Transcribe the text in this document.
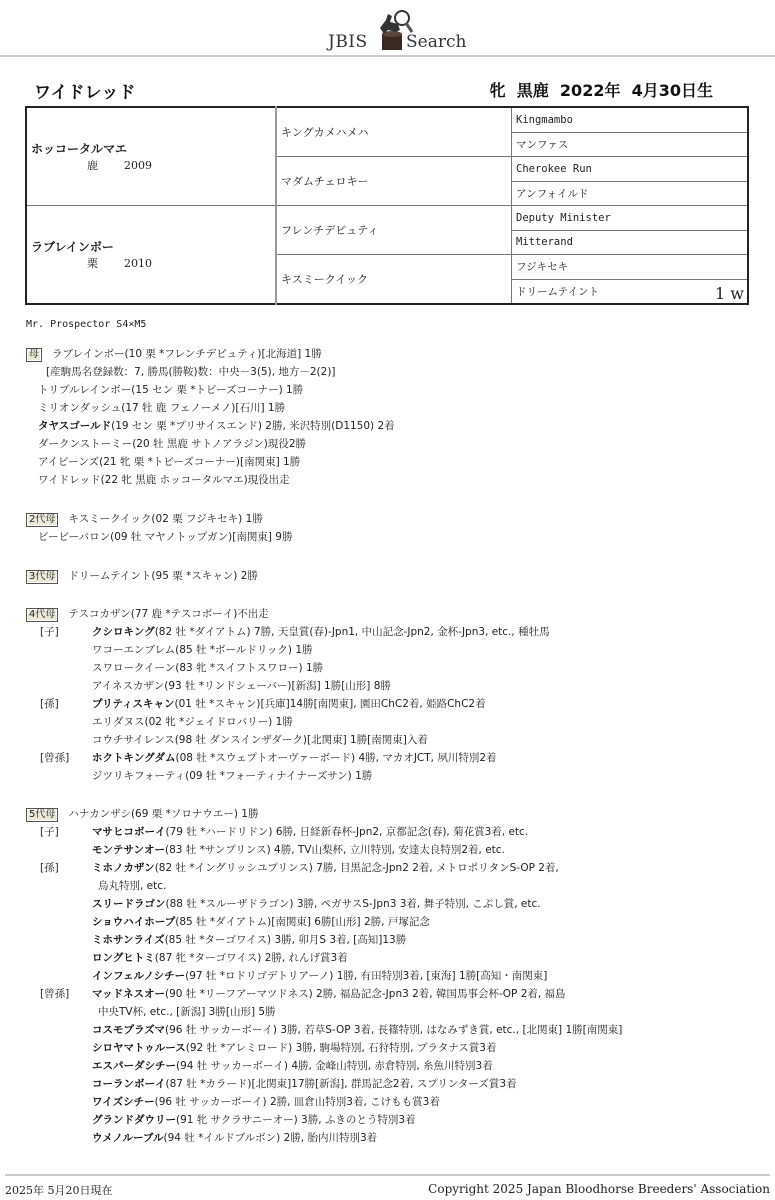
JBIS Search
ワイドレッド	牝  黒鹿  2022年  4月30日生
ホッコータルマエ
鹿 2009	キングカメハメハ	Kingmambo
		マンファス
	マダムチェロキー	Cherokee Run
		アンフォイルド

ラブレインボー
栗 2010	フレンチデピュティ	Deputy Minister
		Mitterand
	キスミークイック	フジキセキ
		ドリームテイント 1 w
Mr. Prospector S4×M5
母 ラブレインボー(10 栗 *フレンチデピュティ)[北海道] 1勝
[産駒馬名登録数：7, 勝馬(勝鞍)数：中央－3(5), 地方－2(2)]
トリプルレインボー(15 セン 栗 *トビーズコーナー) 1勝
ミリオンダッシュ(17 牡 鹿 フェノーメノ)[石川] 1勝
タヤスゴールド(19 セン 栗 *プリサイスエンド) 2勝, 米沢特別(D1150) 2着
ダークンストーミー(20 牡 黒鹿 サトノアラジン)現役2勝
アイビーンズ(21 牝 栗 *トビーズコーナー)[南関東] 1勝
ワイドレッド(22 牝 黒鹿 ホッコータルマエ)現役出走
2代母 キスミークイック(02 栗 フジキセキ) 1勝
ビービーバロン(09 牡 マヤノトップガン)[南関東] 9勝
3代母 ドリームテイント(95 栗 *スキャン) 2勝
4代母 テスコカザン(77 鹿 *テスコボーイ)不出走
[子]	クシロキング(82 牡 *ダイアトム) 7勝, 天皇賞(春)-Jpn1, 中山記念-Jpn2, 金杯-Jpn3, etc., 種牡馬
ワコーエンブレム(85 牡 *ボールドリック) 1勝
スワロークイーン(83 牝 *スイフトスワロー) 1勝
アイネスカザン(93 牡 *リンドシェーバー)[新潟] 1勝[山形] 8勝
[孫]	プリティスキャン(01 牡 *スキャン)[兵庫]14勝[南関東], 園田ChC2着, 姫路ChC2着
エリダヌス(02 牝 *ジェイドロバリー) 1勝
コウチサイレンス(98 牡 ダンスインザダーク)[北関東] 1勝[南関東]入着
[曾孫] ホクトキングダム(08 牡 *スウェプトオーヴァーボード) 4勝, マカオJCT, 夙川特別2着
ジツリキフォーティ(09 牡 *フォーティナイナーズサン) 1勝
5代母 ハナカンザシ(69 栗 *ソロナウエー) 1勝
[子]	マサヒコボーイ(79 牡 *ハードリドン) 6勝, 日経新春杯-Jpn2, 京都記念(春), 菊花賞3着, etc.
モンテサンオー(83 牡 *サンプリンス) 4勝, TV山梨杯, 立川特別, 安達太良特別2着, etc.
[孫]	ミホノカザン(82 牡 *イングリッシユプリンス) 7勝, 目黒記念-Jpn2 2着, メトロポリタンS-OP 2着,
烏丸特別, etc.
スリードラゴン(88 牡 *スルーザドラゴン) 3勝, ペガサスS-Jpn3 3着, 舞子特別, こぶし賞, etc.
ショウハイホープ(85 牡 *ダイアトム)[南関東] 6勝[山形] 2勝, 戸塚記念
ミホサンライズ(85 牡 *ターゴワイス) 3勝, 卯月S 3着, [高知]13勝
ロングヒトミ(87 牝 *ターゴワイス) 2勝, れんげ賞3着
インフェルノシチー(97 牡 *ロドリゴデトリアーノ) 1勝, 有田特別3着, [東海] 1勝[高知・南関東]
[曾孫] マッドネスオー(90 牡 *リーフアーマツドネス) 2勝, 福島記念-Jpn3 2着, 韓国馬事会杯-OP 2着, 福島
中央TV杯, etc., [新潟] 3勝[山形] 5勝
コスモプラズマ(96 牡 サッカーボーイ) 3勝, 若草S-OP 3着, 長篠特別, はなみずき賞, etc., [北関東] 1勝[南関東]
シロヤマトゥルース(92 牡 *アレミロード) 3勝, 駒場特別, 石狩特別, プラタナス賞3着
エスパーダシチー(94 牡 サッカーボーイ) 4勝, 金峰山特別, 赤倉特別, 糸魚川特別3着
コーランボーイ(87 牡 *カラード)[北関東]17勝[新潟], 群馬記念2着, スプリンターズ賞3着
ワイズシチー(96 牡 サッカーボーイ) 2勝, 皿倉山特別3着, こけもも賞3着
グランドダウリー(91 牝 サクラサニーオー) 3勝, ふきのとう特別3着
ウメノルーブル(94 牡 *イルドブルボン) 2勝, 胎内川特別3着
2025年 5月20日現在	Copyright 2025 Japan Bloodhorse Breeders' Association
